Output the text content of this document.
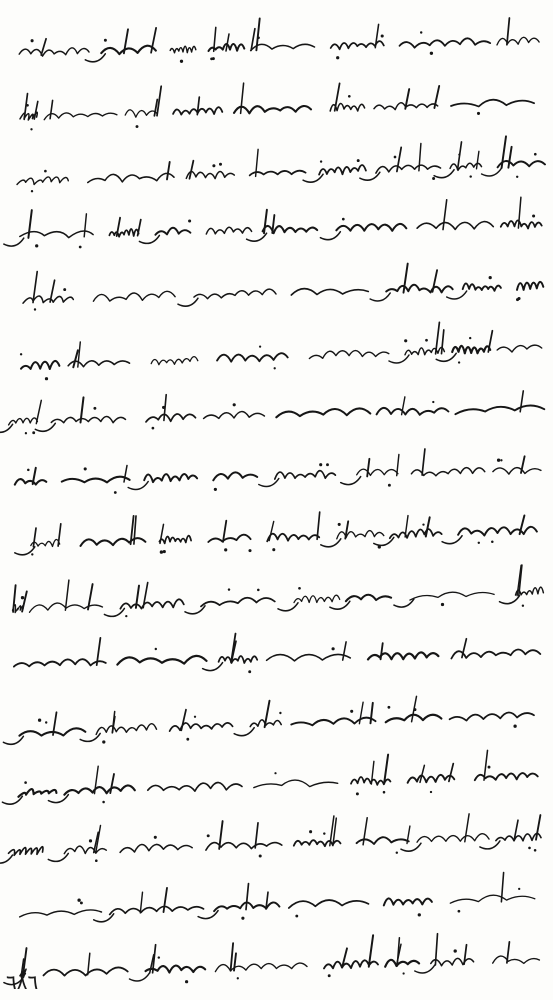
٦٨٦
